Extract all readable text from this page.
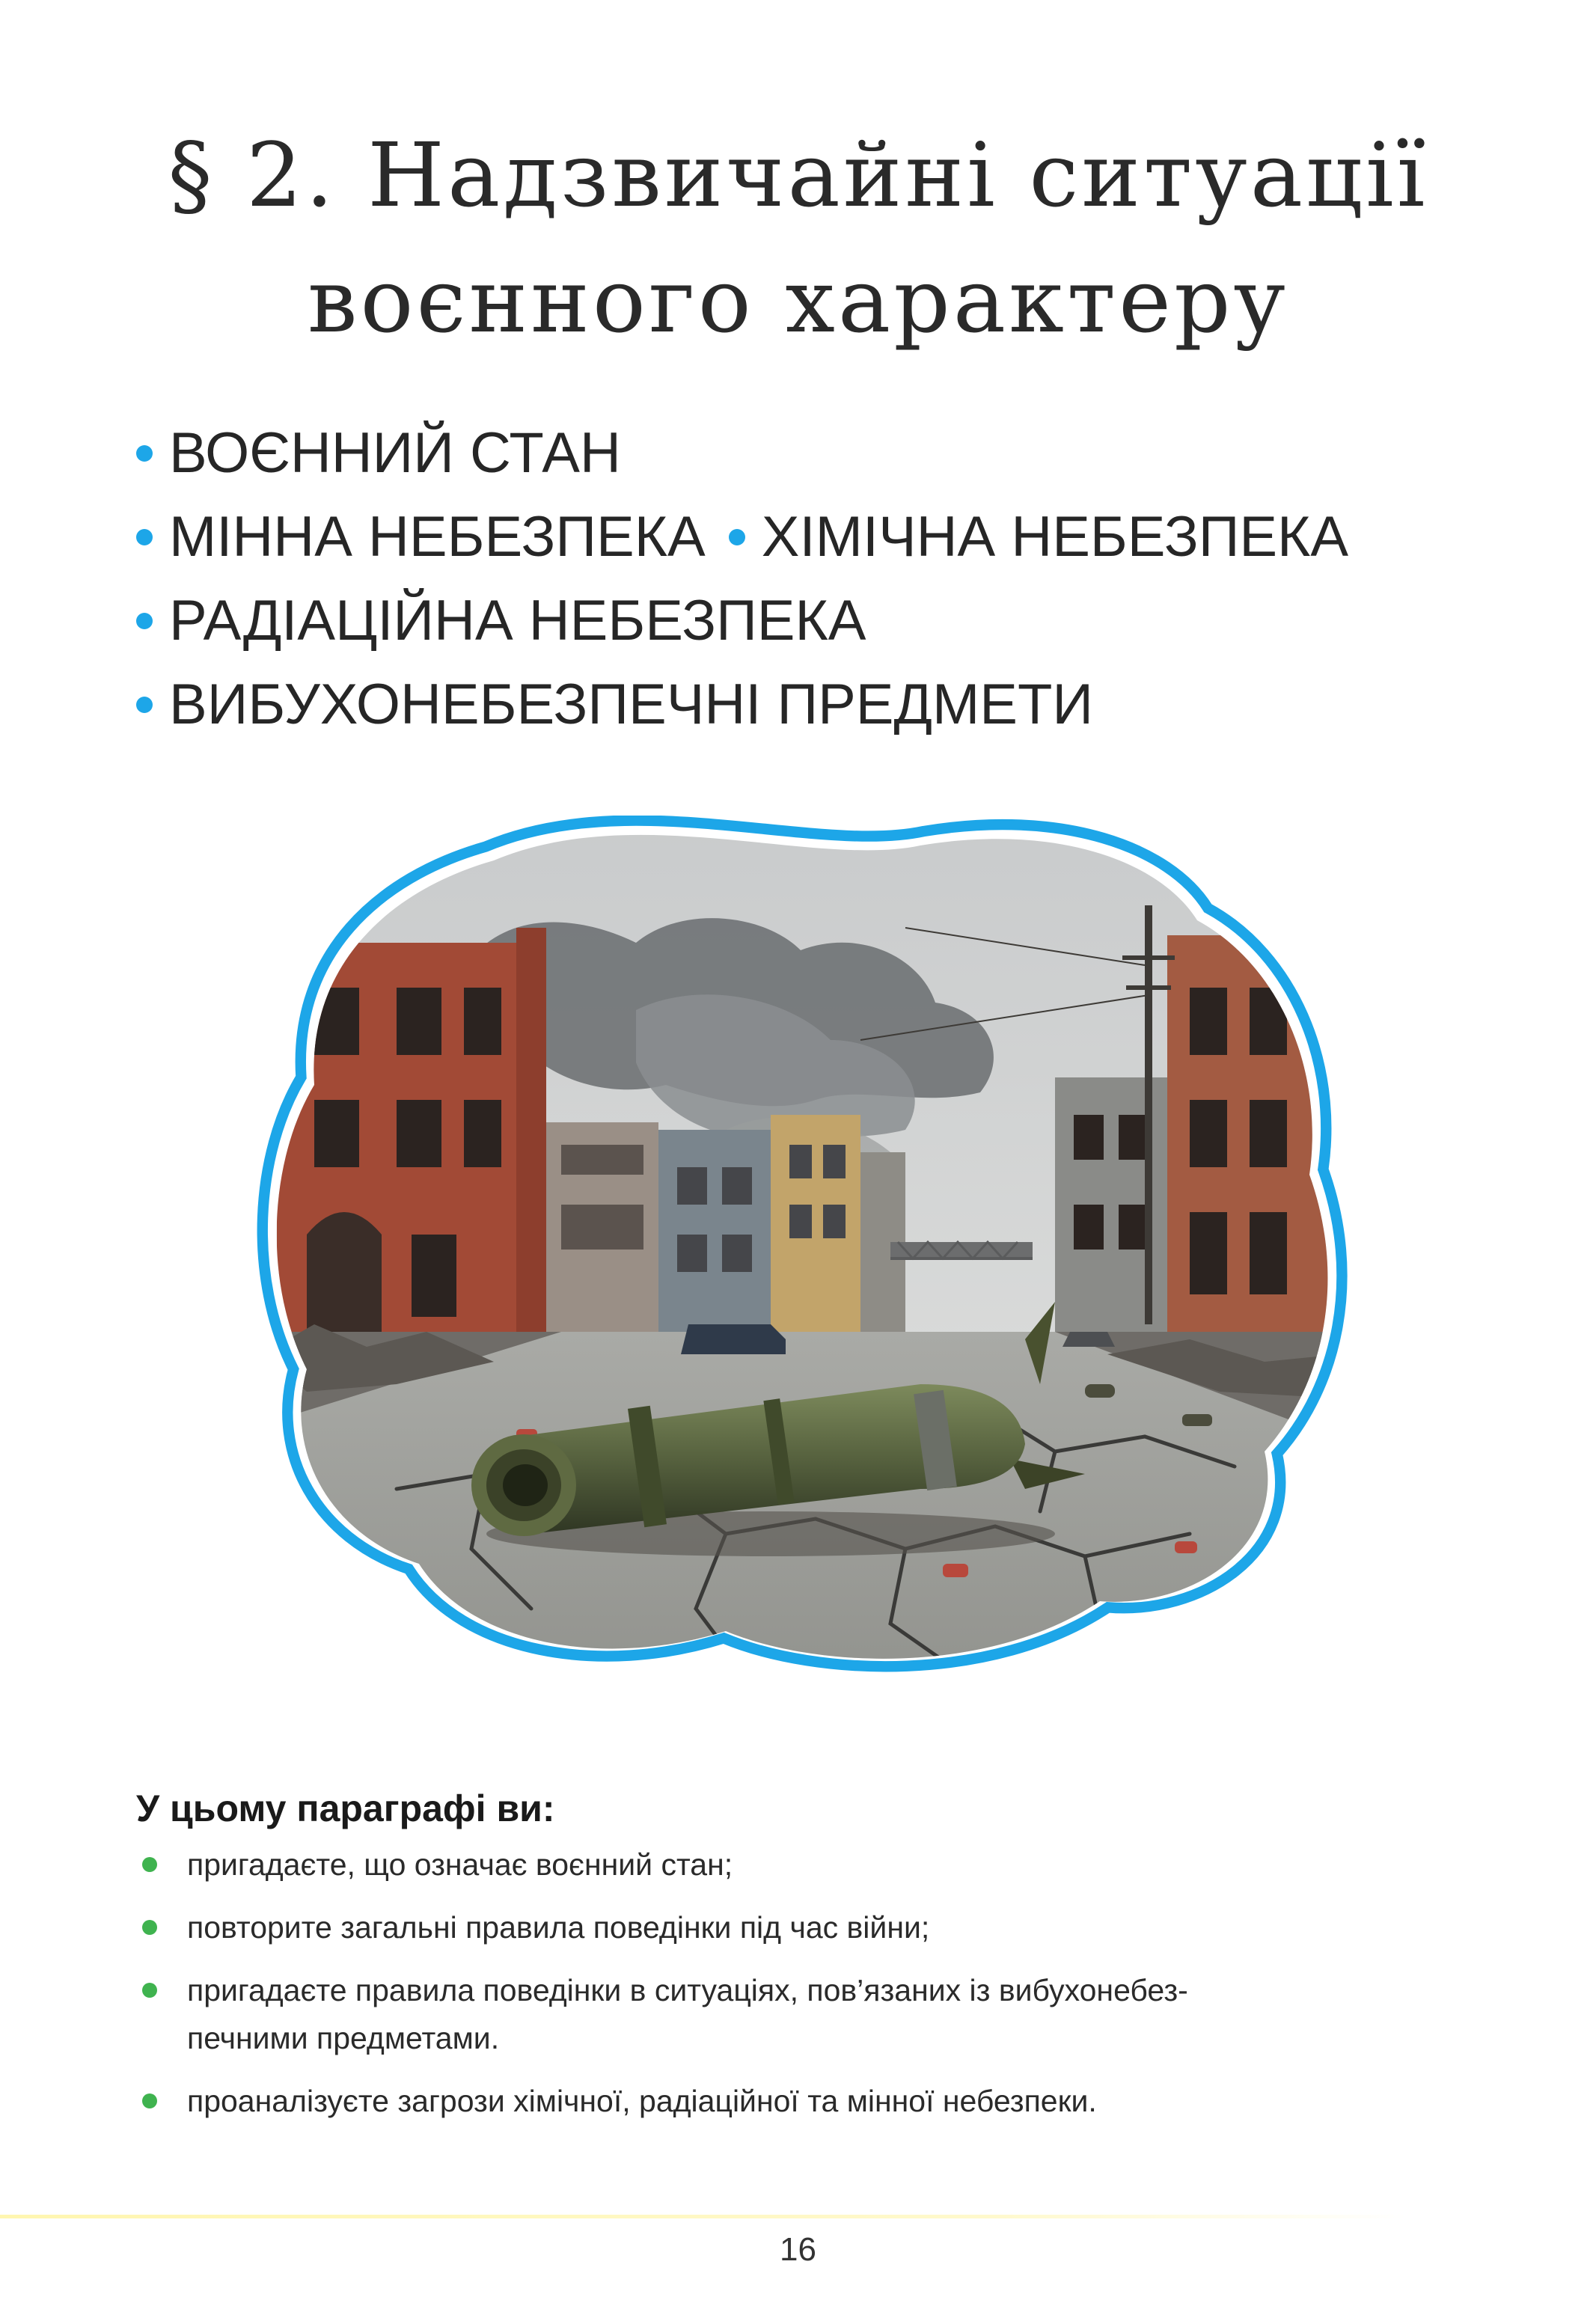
§ 2. Надзвичайні ситуації
воєнного характеру
ВОЄННИЙ СТАН
МІННА НЕБЕЗПЕКА ХІМІЧНА НЕБЕЗПЕКА
РАДІАЦІЙНА НЕБЕЗПЕКА
ВИБУХОНЕБЕЗПЕЧНІ ПРЕДМЕТИ
У цьому параграфі ви:
пригадаєте, що означає воєнний стан;
повторите загальні правила поведінки під час війни;
пригадаєте правила поведінки в ситуаціях, пов’язаних із вибухонебез-
печними предметами.
проаналізуєте загрози хімічної, радіаційної та мінної небезпеки.
16
